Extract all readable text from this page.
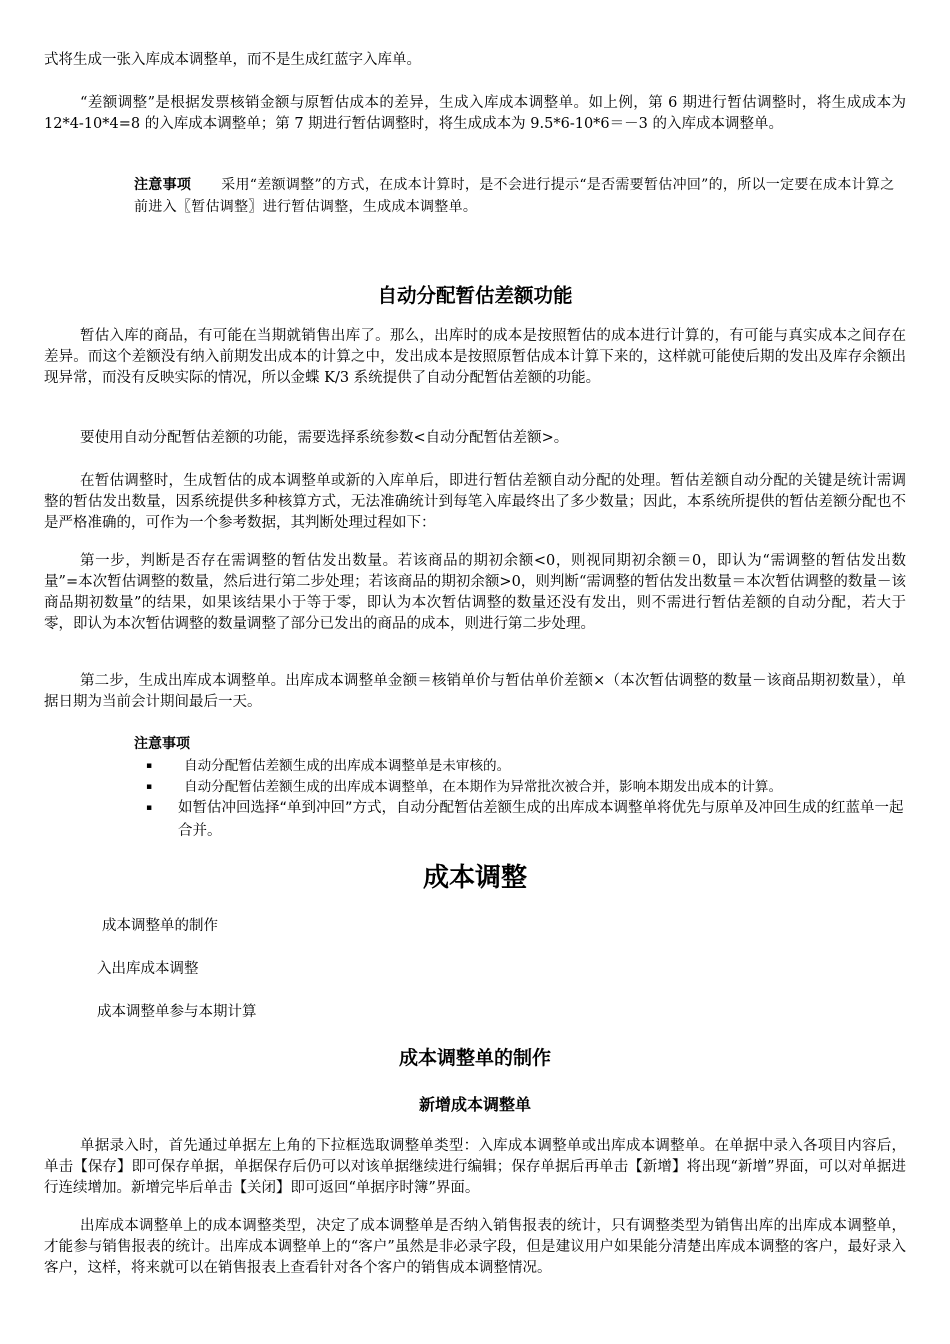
式将生成一张入库成本调整单，而不是生成红蓝字入库单。

“差额调整”是根据发票核销金额与原暂估成本的差异，生成入库成本调整单。如上例，第 6 期进行暂估调整时，将生成成本为 12*4-10*4=8 的入库成本调整单；第 7 期进行暂估调整时，将生成成本为 9.5*6-10*6＝－3 的入库成本调整单。

注意事项 采用“差额调整”的方式，在成本计算时，是不会进行提示“是否需要暂估冲回”的，所以一定要在成本计算之前进入〖暂估调整〗进行暂估调整，生成成本调整单。
自动分配暂估差额功能

暂估入库的商品，有可能在当期就销售出库了。那么，出库时的成本是按照暂估的成本进行计算的，有可能与真实成本之间存在差异。而这个差额没有纳入前期发出成本的计算之中，发出成本是按照原暂估成本计算下来的，这样就可能使后期的发出及库存余额出现异常，而没有反映实际的情况，所以金蝶 K/3 系统提供了自动分配暂估差额的功能。

要使用自动分配暂估差额的功能，需要选择系统参数<自动分配暂估差额>。

在暂估调整时，生成暂估的成本调整单或新的入库单后，即进行暂估差额自动分配的处理。暂估差额自动分配的关键是统计需调整的暂估发出数量，因系统提供多种核算方式，无法准确统计到每笔入库最终出了多少数量；因此，本系统所提供的暂估差额分配也不是严格准确的，可作为一个参考数据，其判断处理过程如下：

第一步，判断是否存在需调整的暂估发出数量。若该商品的期初余额<0，则视同期初余额＝0，即认为“需调整的暂估发出数量”=本次暂估调整的数量，然后进行第二步处理；若该商品的期初余额>0，则判断“需调整的暂估发出数量＝本次暂估调整的数量－该商品期初数量”的结果，如果该结果小于等于零，即认为本次暂估调整的数量还没有发出，则不需进行暂估差额的自动分配，若大于零，即认为本次暂估调整的数量调整了部分已发出的商品的成本，则进行第二步处理。

第二步，生成出库成本调整单。出库成本调整单金额＝核销单价与暂估单价差额×（本次暂估调整的数量－该商品期初数量），单据日期为当前会计期间最后一天。

注意事项
▪ 自动分配暂估差额生成的出库成本调整单是未审核的。
▪ 自动分配暂估差额生成的出库成本调整单，在本期作为异常批次被合并，影响本期发出成本的计算。
▪ 如暂估冲回选择“单到冲回”方式，自动分配暂估差额生成的出库成本调整单将优先与原单及冲回生成的红蓝单一起合并。
成本调整
成本调整单的制作
入出库成本调整
成本调整单参与本期计算
成本调整单的制作
新增成本调整单

单据录入时，首先通过单据左上角的下拉框选取调整单类型：入库成本调整单或出库成本调整单。在单据中录入各项目内容后，单击【保存】即可保存单据，单据保存后仍可以对该单据继续进行编辑；保存单据后再单击【新增】将出现“新增”界面，可以对单据进行连续增加。新增完毕后单击【关闭】即可返回“单据序时簿”界面。

出库成本调整单上的成本调整类型，决定了成本调整单是否纳入销售报表的统计，只有调整类型为销售出库的出库成本调整单，才能参与销售报表的统计。出库成本调整单上的“客户”虽然是非必录字段，但是建议用户如果能分清楚出库成本调整的客户，最好录入客户，这样，将来就可以在销售报表上查看针对各个客户的销售成本调整情况。
